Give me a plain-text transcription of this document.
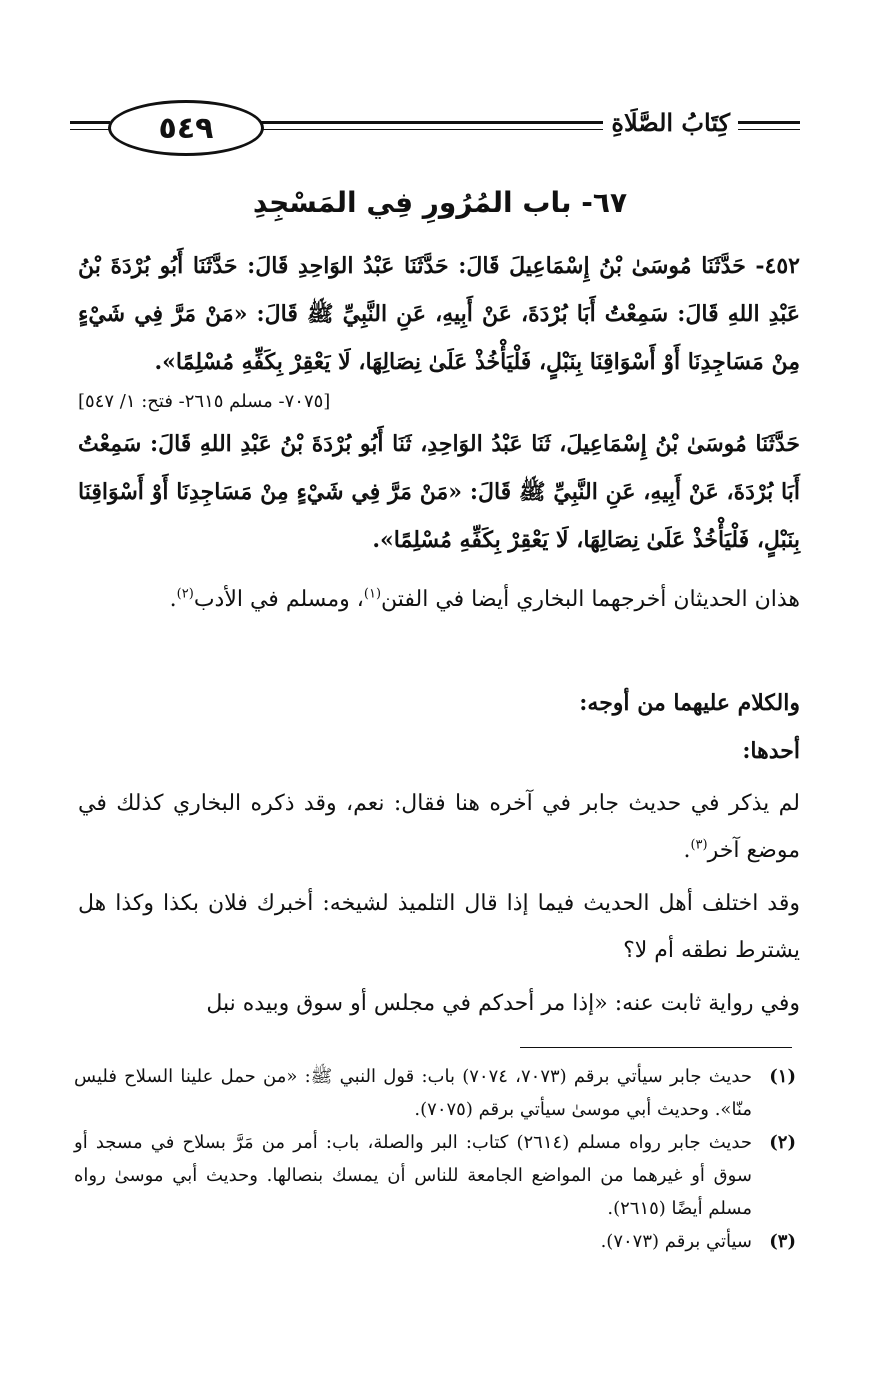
٥٤٩	كِتَابُ الصَّلَاةِ
٦٧- باب المُرُورِ فِي المَسْجِدِ
٤٥٢- حَدَّثَنَا مُوسَىٰ بْنُ إِسْمَاعِيلَ قَالَ: حَدَّثَنَا عَبْدُ الوَاحِدِ قَالَ: حَدَّثَنَا أَبُو بُرْدَةَ بْنُ عَبْدِ اللهِ قَالَ: سَمِعْتُ أَبَا بُرْدَةَ، عَنْ أَبِيهِ، عَنِ النَّبِيِّ ﷺ قَالَ: «مَنْ مَرَّ فِي شَيْءٍ مِنْ مَسَاجِدِنَا أَوْ أَسْوَاقِنَا بِنَبْلٍ، فَلْيَأْخُذْ عَلَىٰ نِصَالِهَا، لَا يَعْقِرْ بِكَفِّهِ مُسْلِمًا».
[٧٠٧٥- مسلم ٢٦١٥- فتح: ١/ ٥٤٧]
حَدَّثَنَا مُوسَىٰ بْنُ إِسْمَاعِيلَ، ثَنَا عَبْدُ الوَاحِدِ، ثَنَا أَبُو بُرْدَةَ بْنُ عَبْدِ اللهِ قَالَ: سَمِعْتُ أَبَا بُرْدَةَ، عَنْ أَبِيهِ، عَنِ النَّبِيِّ ﷺ قَالَ: «مَنْ مَرَّ فِي شَيْءٍ مِنْ مَسَاجِدِنَا أَوْ أَسْوَاقِنَا بِنَبْلٍ، فَلْيَأْخُذْ عَلَىٰ نِصَالِهَا، لَا يَعْقِرْ بِكَفِّهِ مُسْلِمًا».
هذان الحديثان أخرجهما البخاري أيضا في الفتن$^{(١)}$، ومسلم في الأدب$^{(٢)}$.
والكلام عليهما من أوجه:
أحدها:
لم يذكر في حديث جابر في آخره هنا فقال: نعم، وقد ذكره البخاري كذلك في موضع آخر$^{(٣)}$.
وقد اختلف أهل الحديث فيما إذا قال التلميذ لشيخه: أخبرك فلان بكذا وكذا هل يشترط نطقه أم لا؟
وفي رواية ثابت عنه: «إذا مر أحدكم في مجلس أو سوق وبيده نبل
(١)
حديث جابر سيأتي برقم (٧٠٧٣، ٧٠٧٤) باب: قول النبي ﷺ: «من حمل علينا السلاح فليس منّا». وحديث أبي موسىٰ سيأتي برقم (٧٠٧٥).
(٢)
حديث جابر رواه مسلم (٢٦١٤) كتاب: البر والصلة، باب: أمر من مَرَّ بسلاح في مسجد أو سوق أو غيرهما من المواضع الجامعة للناس أن يمسك بنصالها. وحديث أبي موسىٰ رواه مسلم أيضًا (٢٦١٥).
(٣)
سيأتي برقم (٧٠٧٣).
